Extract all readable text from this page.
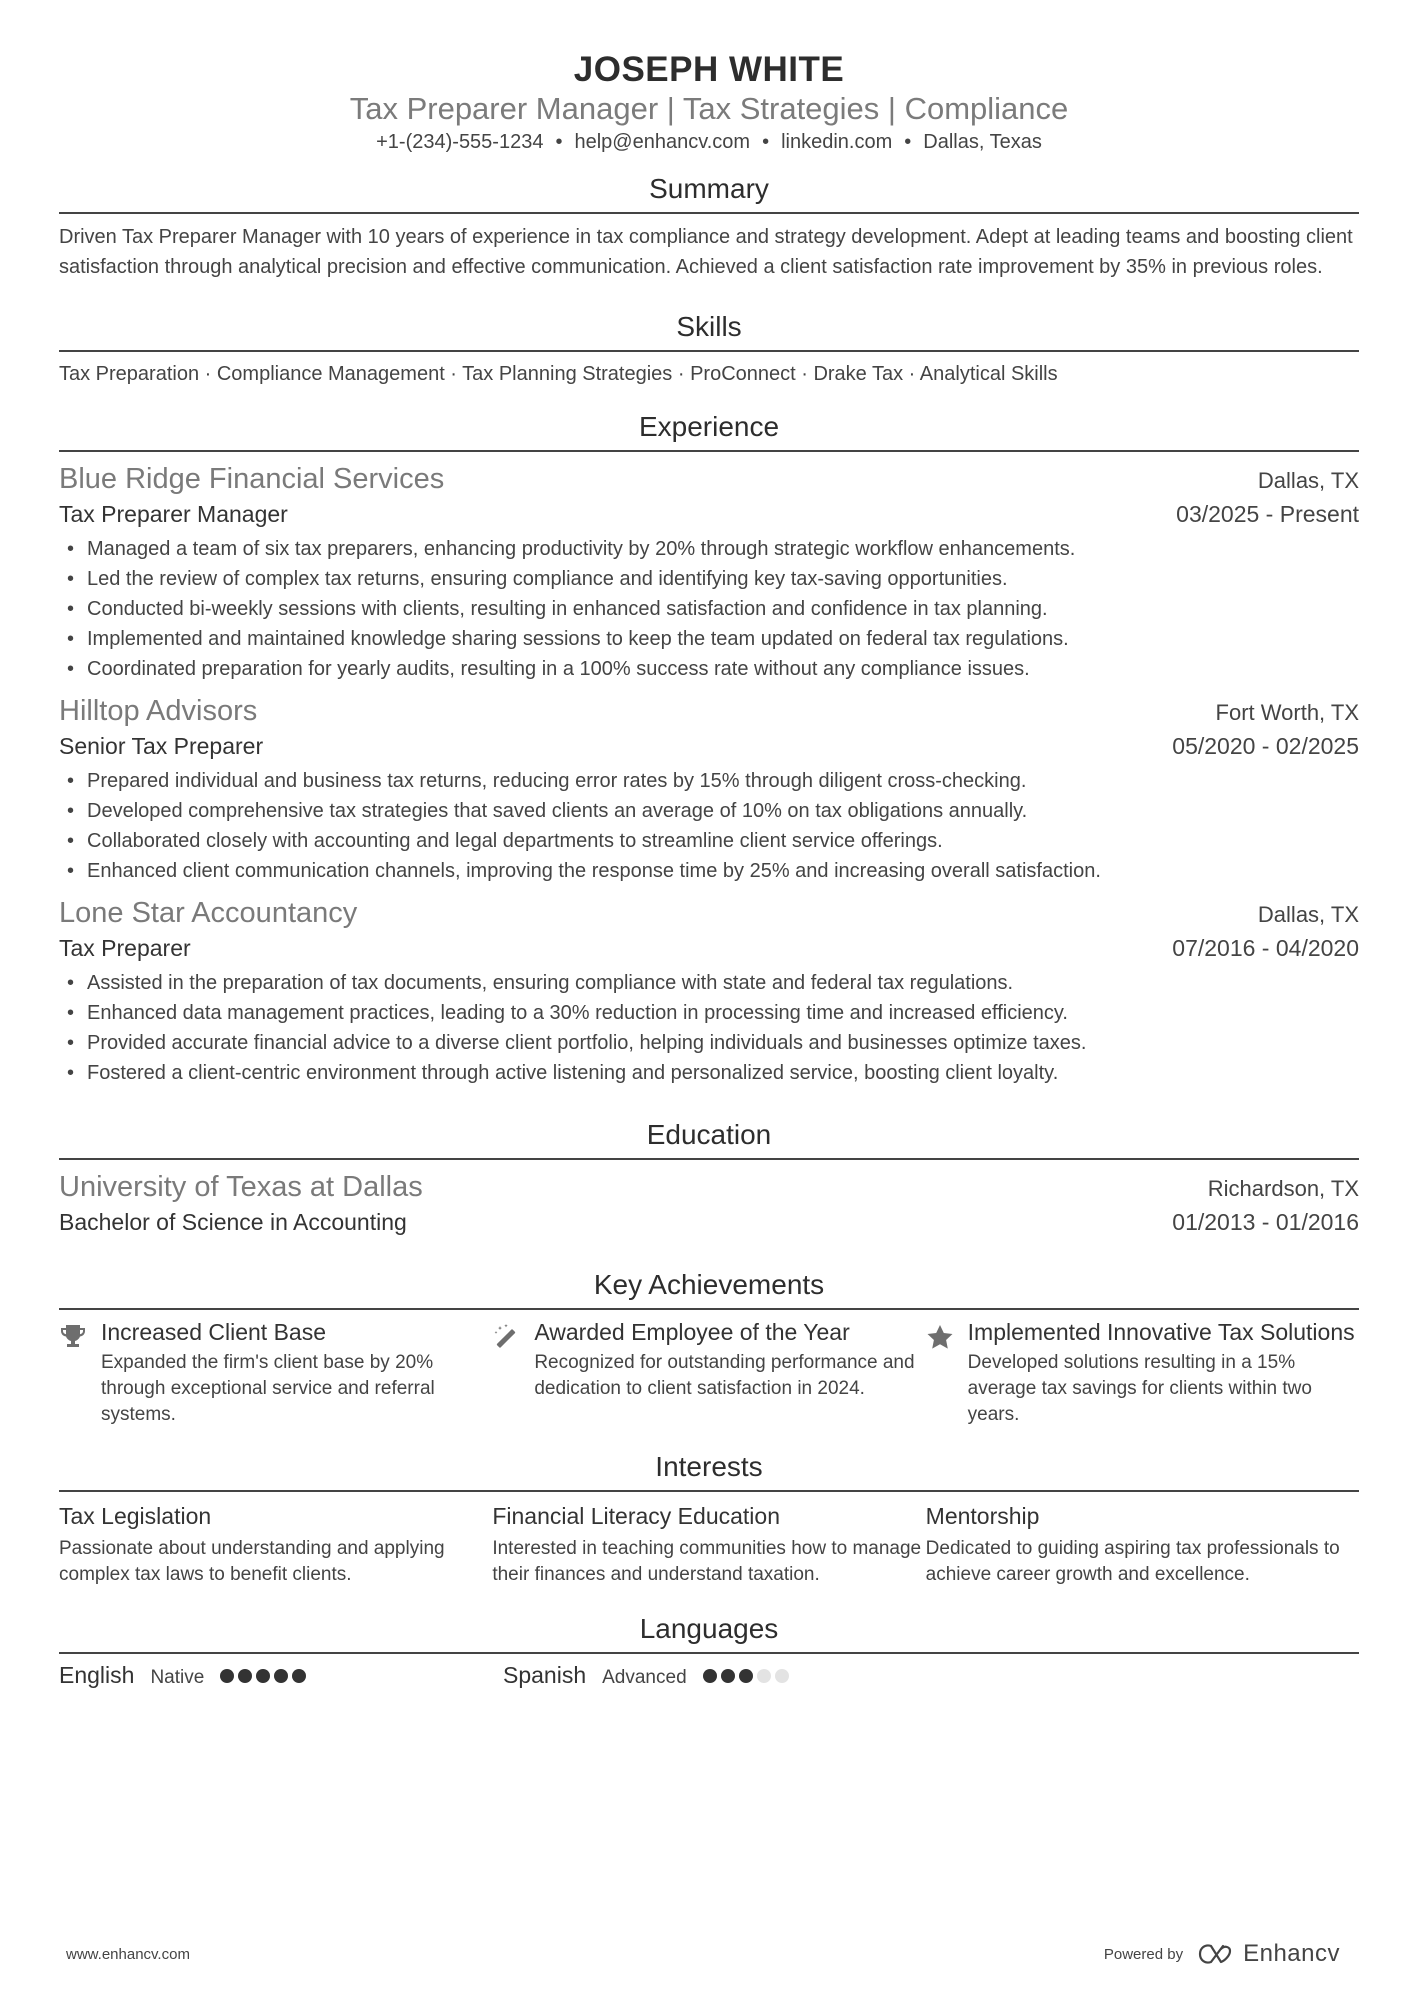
JOSEPH WHITE
Tax Preparer Manager | Tax Strategies | Compliance
+1-(234)-555-1234 • help@enhancv.com • linkedin.com • Dallas, Texas
Summary

Driven Tax Preparer Manager with 10 years of experience in tax compliance and strategy development. Adept at leading teams and boosting client satisfaction through analytical precision and effective communication. Achieved a client satisfaction rate improvement by 35% in previous roles.

Skills

Tax Preparation · Compliance Management · Tax Planning Strategies · ProConnect · Drake Tax · Analytical Skills

Experience
Blue Ridge Financial Services	Dallas, TX
Tax Preparer Manager	03/2025 - Present
• Managed a team of six tax preparers, enhancing productivity by 20% through strategic workflow enhancements.
• Led the review of complex tax returns, ensuring compliance and identifying key tax-saving opportunities.
• Conducted bi-weekly sessions with clients, resulting in enhanced satisfaction and confidence in tax planning.
• Implemented and maintained knowledge sharing sessions to keep the team updated on federal tax regulations.
• Coordinated preparation for yearly audits, resulting in a 100% success rate without any compliance issues.
Hilltop Advisors	Fort Worth, TX
Senior Tax Preparer	05/2020 - 02/2025
• Prepared individual and business tax returns, reducing error rates by 15% through diligent cross-checking.
• Developed comprehensive tax strategies that saved clients an average of 10% on tax obligations annually.
• Collaborated closely with accounting and legal departments to streamline client service offerings.
• Enhanced client communication channels, improving the response time by 25% and increasing overall satisfaction.
Lone Star Accountancy	Dallas, TX
Tax Preparer	07/2016 - 04/2020
• Assisted in the preparation of tax documents, ensuring compliance with state and federal tax regulations.
• Enhanced data management practices, leading to a 30% reduction in processing time and increased efficiency.
• Provided accurate financial advice to a diverse client portfolio, helping individuals and businesses optimize taxes.
• Fostered a client-centric environment through active listening and personalized service, boosting client loyalty.
Education
University of Texas at Dallas	Richardson, TX
Bachelor of Science in Accounting	01/2013 - 01/2016
Key Achievements
Increased Client Base
Expanded the firm's client base by 20% through exceptional service and referral systems.
Awarded Employee of the Year
Recognized for outstanding performance and dedication to client satisfaction in 2024.
Implemented Innovative Tax Solutions
Developed solutions resulting in a 15% average tax savings for clients within two years.
Interests
Tax Legislation
Passionate about understanding and applying complex tax laws to benefit clients.
Financial Literacy Education
Interested in teaching communities how to manage their finances and understand taxation.
Mentorship
Dedicated to guiding aspiring tax professionals to achieve career growth and excellence.
Languages
English Native	Spanish Advanced
www.enhancv.com	Powered by	Enhancv
